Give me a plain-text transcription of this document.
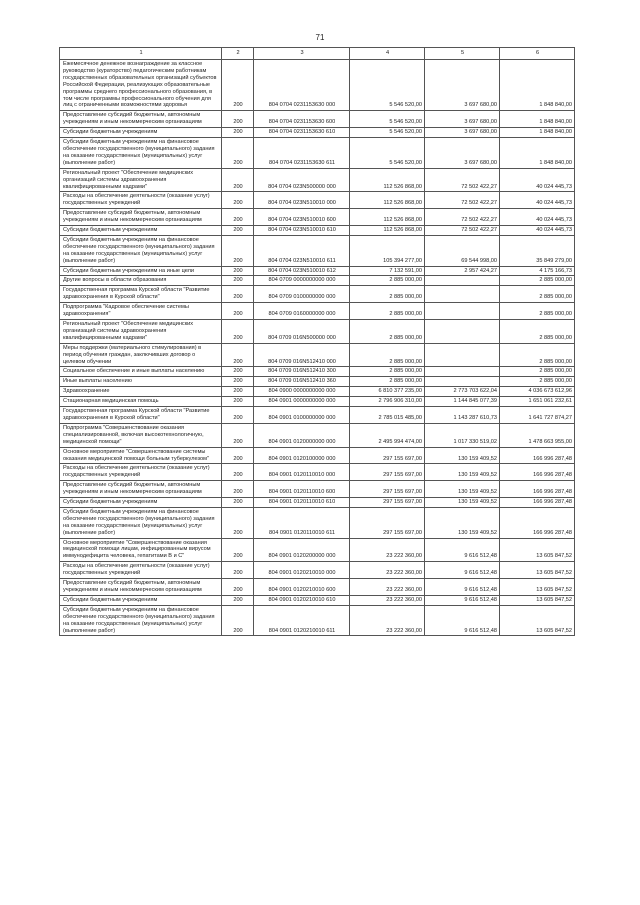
71
1	2	3	4	5	6
Ежемесячное денежное вознаграждение за классное руководство (кураторство) педагогическим работникам государственных образовательных организаций субъектов Российской Федерации, реализующих образовательные программы среднего профессионального образования, в том числе программы профессионального обучения для лиц с ограниченными возможностями здоровья	200	804 0704 0231153630 000	5 546 520,00	3 697 680,00	1 848 840,00
Предоставление субсидий бюджетным, автономным учреждениям и иным некоммерческим организациям	200	804 0704 0231153630 600	5 546 520,00	3 697 680,00	1 848 840,00
Субсидии бюджетным учреждениям	200	804 0704 0231153630 610	5 546 520,00	3 697 680,00	1 848 840,00
Субсидии бюджетным учреждениям на финансовое обеспечение государственного (муниципального) задания на оказание государственных (муниципальных) услуг (выполнение работ)	200	804 0704 0231153630 611	5 546 520,00	3 697 680,00	1 848 840,00
Региональный проект "Обеспечение медицинских организаций системы здравоохранения квалифицированными кадрами"	200	804 0704 023N500000 000	112 526 868,00	72 502 422,27	40 024 445,73
Расходы на обеспечение деятельности (оказание услуг) государственных учреждений	200	804 0704 023N510010 000	112 526 868,00	72 502 422,27	40 024 445,73
Предоставление субсидий бюджетным, автономным учреждениям и иным некоммерческим организациям	200	804 0704 023N510010 600	112 526 868,00	72 502 422,27	40 024 445,73
Субсидии бюджетным учреждениям	200	804 0704 023N510010 610	112 526 868,00	72 502 422,27	40 024 445,73
Субсидии бюджетным учреждениям на финансовое обеспечение государственного (муниципального) задания на оказание государственных (муниципальных) услуг (выполнение работ)	200	804 0704 023N510010 611	105 394 277,00	69 544 998,00	35 849 279,00
Субсидии бюджетным учреждениям на иные цели	200	804 0704 023N510010 612	7 132 591,00	2 957 424,27	4 175 166,73
Другие вопросы в области образования	200	804 0709 0000000000 000	2 885 000,00		2 885 000,00
Государственная программа Курской области "Развитие здравоохранения в Курской области"	200	804 0709 0100000000 000	2 885 000,00		2 885 000,00
Подпрограмма "Кадровое обеспечение системы здравоохранения"	200	804 0709 0160000000 000	2 885 000,00		2 885 000,00
Региональный проект "Обеспечение медицинских организаций системы здравоохранения квалифицированными кадрами"	200	804 0709 016N500000 000	2 885 000,00		2 885 000,00
Меры поддержки (материального стимулирования) в период обучения граждан, заключивших договор о целевом обучении	200	804 0709 016N512410 000	2 885 000,00		2 885 000,00
Социальное обеспечение и иные выплаты населению	200	804 0709 016N512410 300	2 885 000,00		2 885 000,00
Иные выплаты населению	200	804 0709 016N512410 360	2 885 000,00		2 885 000,00
Здравоохранение	200	804 0900 0000000000 000	6 810 377 235,00	2 773 703 622,04	4 036 673 612,96
Стационарная медицинская помощь	200	804 0901 0000000000 000	2 796 906 310,00	1 144 845 077,39	1 651 061 232,61
Государственная программа Курской области "Развитие здравоохранения в Курской области"	200	804 0901 0100000000 000	2 785 015 485,00	1 143 287 610,73	1 641 727 874,27
Подпрограмма "Совершенствование оказания специализированной, включая высокотехнологичную, медицинской помощи"	200	804 0901 0120000000 000	2 495 994 474,00	1 017 330 519,02	1 478 663 955,00
Основное мероприятие "Совершенствование системы оказания медицинской помощи больным туберкулезом"	200	804 0901 0120100000 000	297 155 697,00	130 159 409,52	166 996 287,48
Расходы на обеспечение деятельности (оказание услуг) государственных учреждений	200	804 0901 0120110010 000	297 155 697,00	130 159 409,52	166 996 287,48
Предоставление субсидий бюджетным, автономным учреждениям и иным некоммерческим организациям	200	804 0901 0120110010 600	297 155 697,00	130 159 409,52	166 996 287,48
Субсидии бюджетным учреждениям	200	804 0901 0120110010 610	297 155 697,00	130 159 409,52	166 996 287,48
Субсидии бюджетным учреждениям на финансовое обеспечение государственного (муниципального) задания на оказание государственных (муниципальных) услуг (выполнение работ)	200	804 0901 0120110010 611	297 155 697,00	130 159 409,52	166 996 287,48
Основное мероприятие "Совершенствование оказания медицинской помощи лицам, инфицированным вирусом иммунодефицита человека, гепатитами B и C"	200	804 0901 0120200000 000	23 222 360,00	9 616 512,48	13 605 847,52
Расходы на обеспечение деятельности (оказание услуг) государственных учреждений	200	804 0901 0120210010 000	23 222 360,00	9 616 512,48	13 605 847,52
Предоставление субсидий бюджетным, автономным учреждениям и иным некоммерческим организациям	200	804 0901 0120210010 600	23 222 360,00	9 616 512,48	13 605 847,52
Субсидии бюджетным учреждениям	200	804 0901 0120210010 610	23 222 360,00	9 616 512,48	13 605 847,52
Субсидии бюджетным учреждениям на финансовое обеспечение государственного (муниципального) задания на оказание государственных (муниципальных) услуг (выполнение работ)	200	804 0901 0120210010 611	23 222 360,00	9 616 512,48	13 605 847,52
